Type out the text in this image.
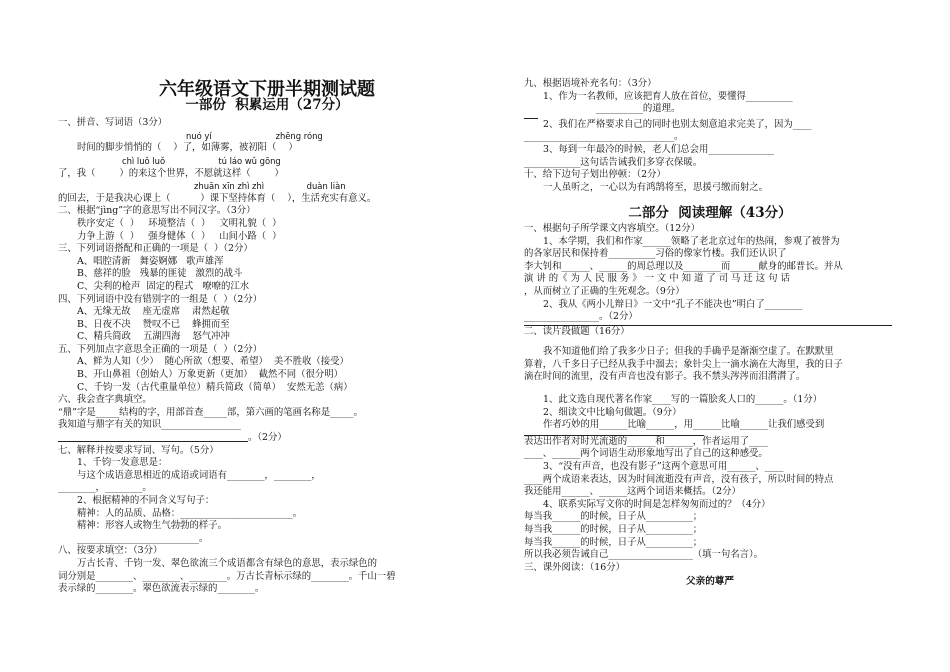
六年级语文下册半期测试题
一部份  积累运用（27分）
一、拼音、写词语（3分）
nuó yí                        zhēng róng
时间的脚步悄悄的（    ）了，如薄雾，被初阳（    ）
chì luǒ luǒ                    tú láo wǔ gōng
了，我（        ）的来这个世界，不愿就这样（        ）
zhuān xīn zhì zhì                duàn liàn
的回去，于是我决心课上（          ）课下坚持体育（    ），生活充实有意义。
二、根据“jìng”字的意思写出不同汉字。（3分）
秩序安定（  ）   环境整洁（  ）   文明礼貌（  ）
力争上游（  ）   强身健体（  ）   山间小路（  ）
三、下列词语搭配和正确的一项是（  ）（2分）
A、唱腔清新   舞姿婀娜   歌声雄浑
B、慈祥的脸   残暴的匪徒   激烈的战斗
C、尖利的枪声  固定的程式   嘹嘹的江水
四、下列词语中没有错别字的一组是（  ）（2分）
A、无缘无故    座无虚席    肃然起敬
B、日夜不决    赞叹不已    蜂拥而至
C、精兵简政    五湖四海    怒气冲冲
五、下列加点字意思全正确的一项是（  ）（2分）
A、鲜为人知（少）  随心所欲（想要、希望）  美不胜收（接受）
B、开山鼻祖（创始人）万象更新（更加）  截然不同（很分明）
C、千钧一发（古代重量单位）精兵简政（简单）  安然无恙（病）
六、我会查字典填空。
“鼎”字是_____结构的字，用部首查_____部，第六画的笔画名称是_____。
我知道与鼎字有关的知识_________________
。（2分）
七、解释并按要求写词、写句。（5分）
1、千钧一发意思是：
与这个成语意思相近的成语或词语有________，________，
________，________。
2、根据精神的不同含义写句子：
精神：人的品质、品格：________________________。
精神：形容人或物生气勃勃的样子。
__________________________。
八、按要求填空：（3分）
万古长青、千钧一发、翠色欲流三个成语都含有绿色的意思，表示绿色的
词分别是________、________、________。万古长青标示绿的________。千山一碧
表示绿的________。翠色欲流表示绿的________。
九、根据语境补充名句：（3分）
1、作为一名教师，应该把育人放在首位，要懂得__________
__________的道理。
2、我们在严格要求自己的同时也别太刻意追求完美了，因为____
________________________________。
3、每到一年最冷的时候，老人们总会用______________
____________这句话告诫我们多穿衣保暖。
十、给下边句子划出停顿：（2分）
一人虽听之，一心以为有鸿鹄将至，思援弓缴而射之。
二部分  阅读理解（43分）
一、根据句子所学课文内容填空。（12分）
1、本学期，我们和作家______领略了老北京过年的热闹，参观了被誉为
的各家居民和保持着__________习俗的像家竹楼。我们还认识了
李大钊和______、______的周总理以及________而______献身的邮普长。并从
演 讲 的《 为 人 民 服 务 》 一 文 中 知 道 了 司 马 迁 这 句 话
，从而树立了正确的生死观念。（9分）
2、我从《两小儿辩日》一文中“孔子不能决也”明白了________
________________。（2分）
二、读片段做题（16分）
我不知道他们给了我多少日子；但我的手确乎是渐渐空虚了。在默默里
算着，八千多日子已经从我手中溜去；象针尖上一滴水滴在大海里，我的日子
滴在时间的流里，没有声音也没有影子。我不禁头涔涔而泪潸潸了。
1、此文选自现代著名作家____写的一篇脍炙人口的______。（1分）
2、细读文中比喻句做题。（9分）
作者巧妙的用______比喻______，用______比喻______让我们感受到
表达出作者对时光流逝的______和______，作者运用了____
____、______两个词语生动形象地写出了自己的这种感受。
3、“没有声音，也没有影子”这两个意思可用______、____
____两个成语来表达，因为时间流逝没有声音，没有孩子，所以时间的特点
我还能用______、______这两个词语来概括。（2分）
4、联系实际写文你的时间是怎样匆匆而过的？（4分）
每当我______的时候，日子从__________；
每当我______的时候，日子从__________；
每当我______的时候，日子从__________；
所以我必须告诫自己__________________（填一句名言）。
三、课外阅读：（16分）
父亲的尊严
